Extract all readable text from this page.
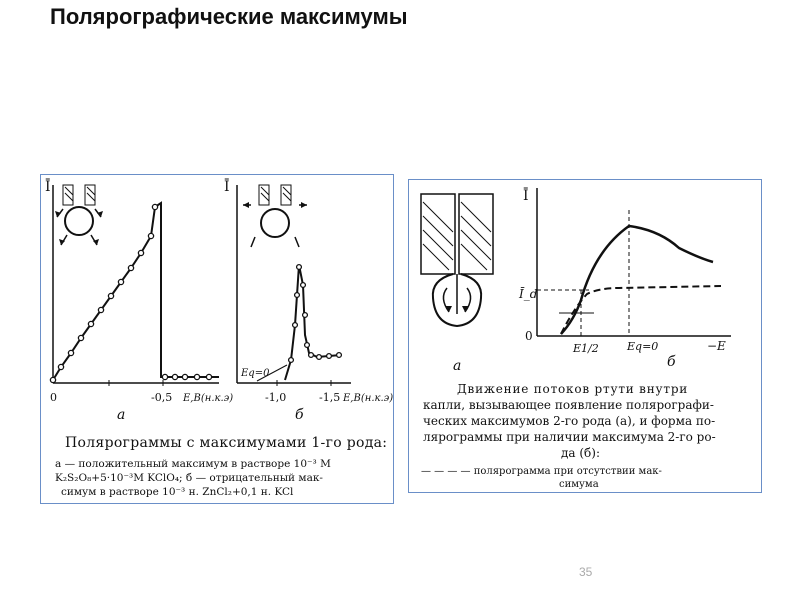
Полярографические максимумы
Ī
0	-0,5 E,В(н.к.э)
а
Ī
Eq=0
-1,0	-1,5 E,В(н.к.э)
б
Полярограммы с максимумами 1-го рода:
а — положительный максимум в растворе 10⁻³ М
K₂S₂O₈+5·10⁻³М KClO₄; б — отрицательный мак-
симум в растворе 10⁻³ н. ZnCl₂+0,1 н. KCl
а
Ī
Ī_d
0
E1/2	Eq=0	−E
б
Движение потоков ртути внутри
капли, вызывающее появление полярографи-
ческих максимумов 2-го рода (а), и форма по-
лярограммы при наличии максимума 2-го ро-
да (б):
— — — — полярограмма при отсутствии мак-
симума
35
